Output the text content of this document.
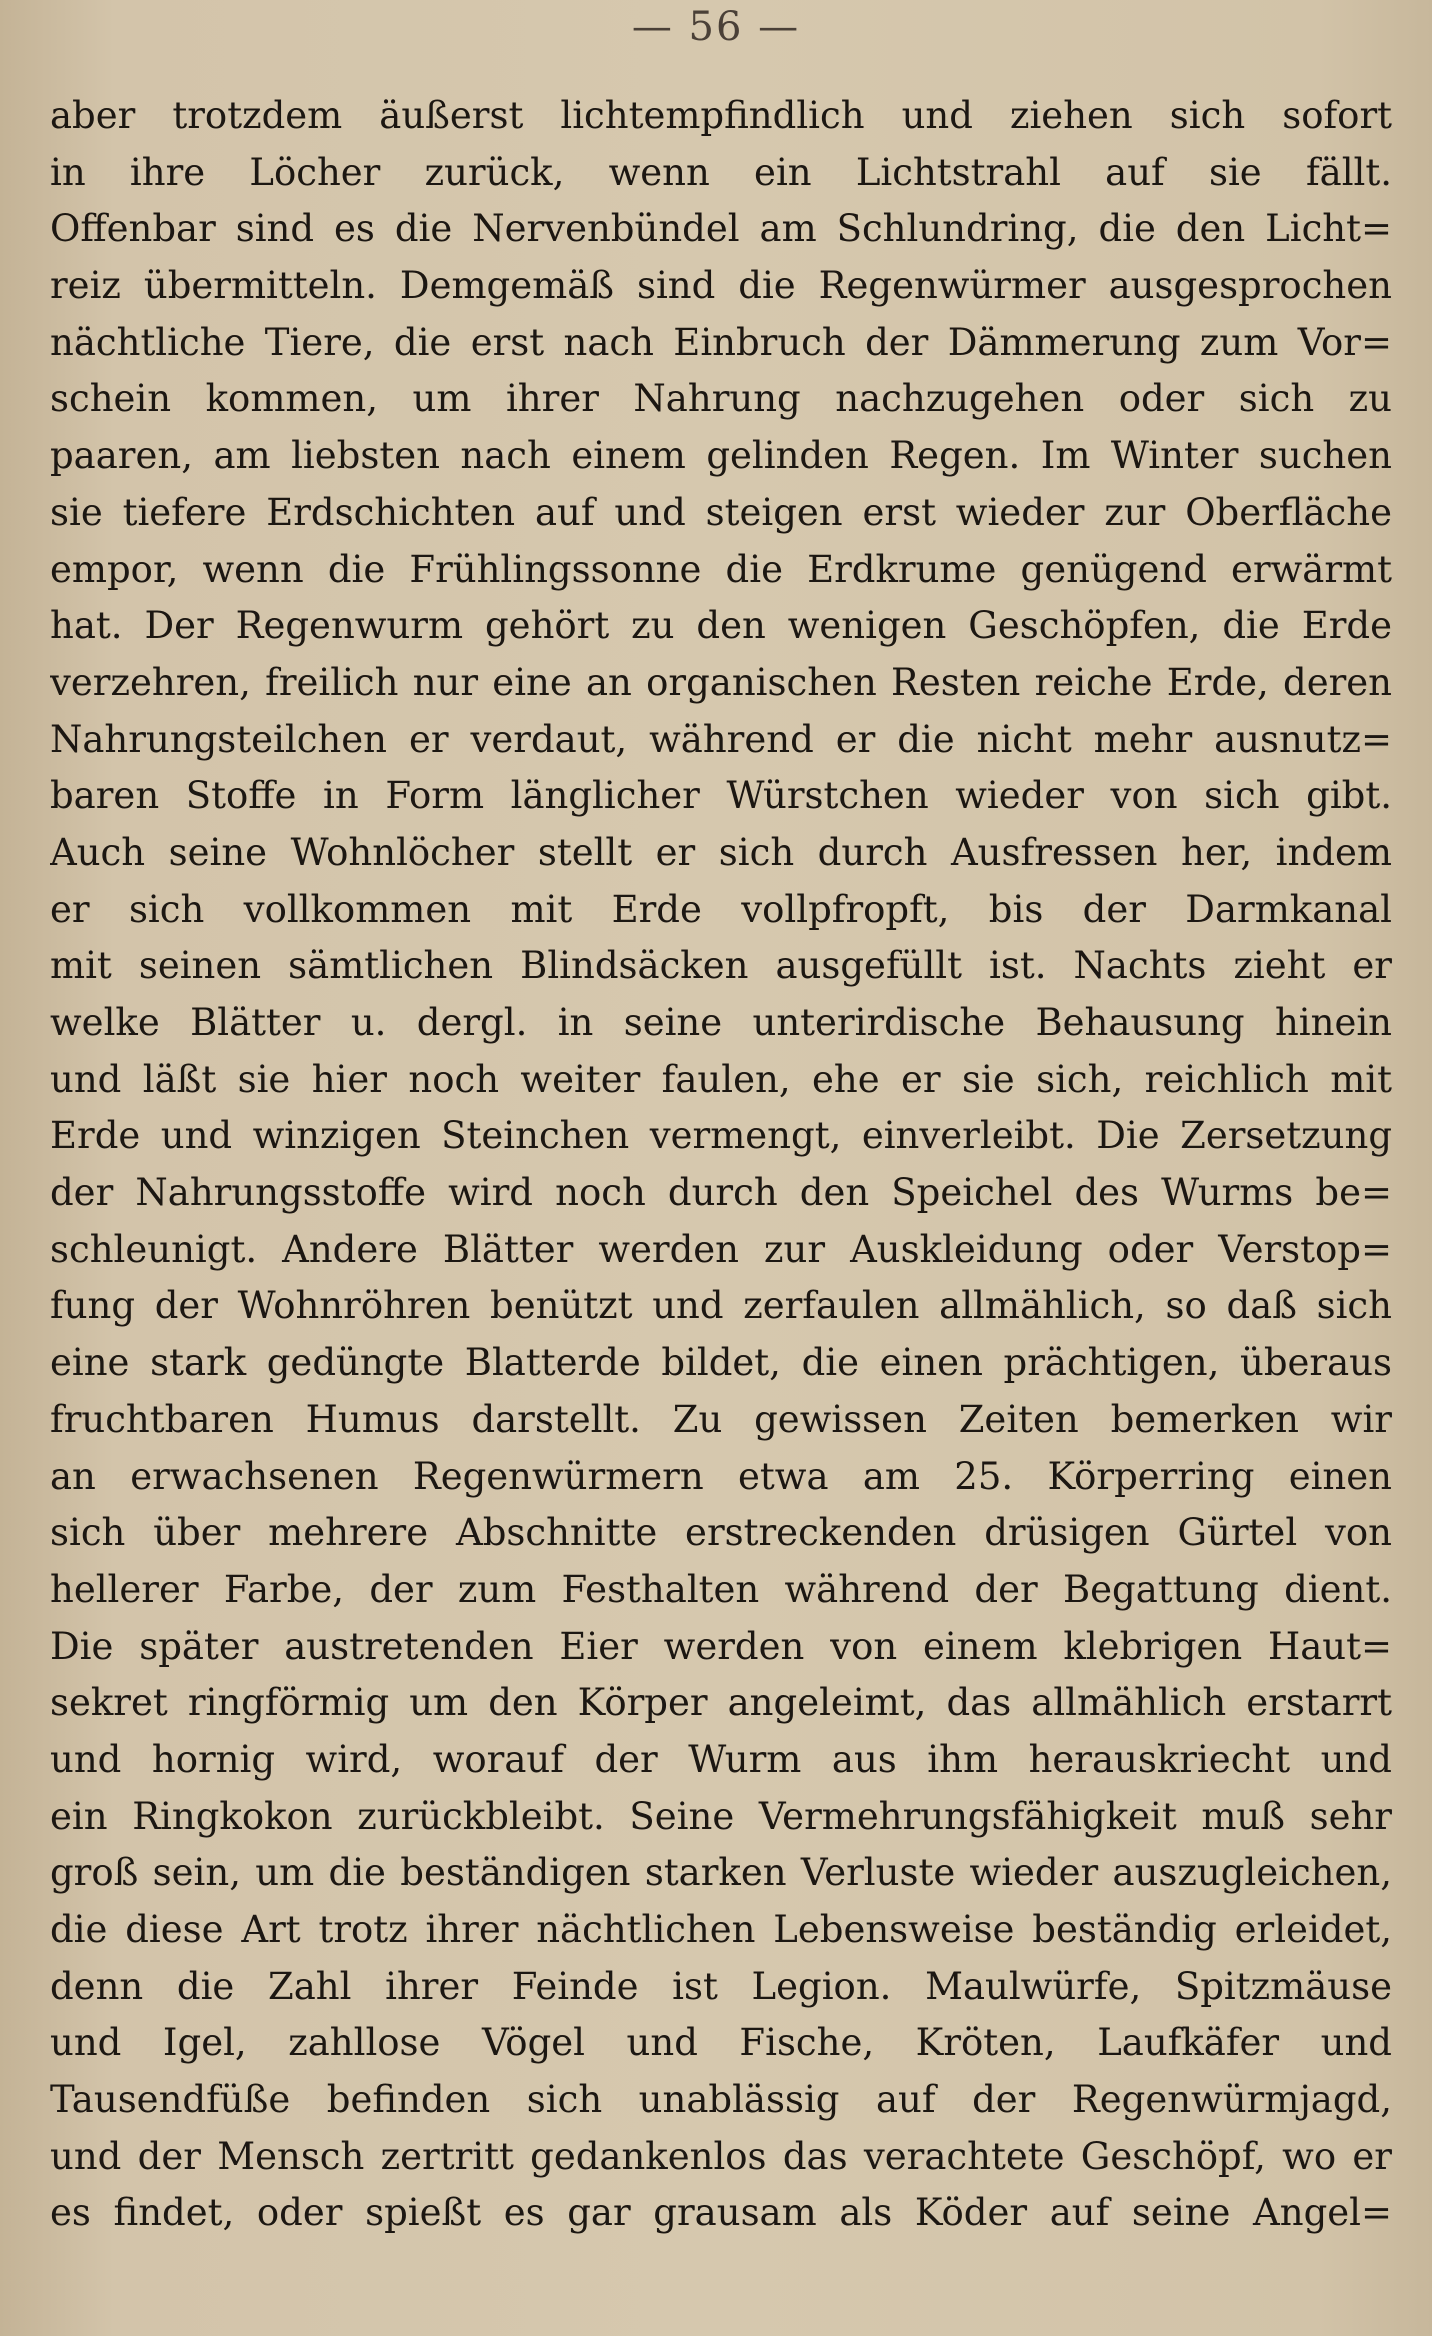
— 56 —
aber trotzdem äußerst lichtempfindlich und ziehen sich sofort
in ihre Löcher zurück, wenn ein Lichtstrahl auf sie fällt.
Offenbar sind es die Nervenbündel am Schlundring, die den Licht=
reiz übermitteln. Demgemäß sind die Regenwürmer ausgesprochen
nächtliche Tiere, die erst nach Einbruch der Dämmerung zum Vor=
schein kommen, um ihrer Nahrung nachzugehen oder sich zu
paaren, am liebsten nach einem gelinden Regen. Im Winter suchen
sie tiefere Erdschichten auf und steigen erst wieder zur Oberfläche
empor, wenn die Frühlingssonne die Erdkrume genügend erwärmt
hat. Der Regenwurm gehört zu den wenigen Geschöpfen, die Erde
verzehren, freilich nur eine an organischen Resten reiche Erde, deren
Nahrungsteilchen er verdaut, während er die nicht mehr ausnutz=
baren Stoffe in Form länglicher Würstchen wieder von sich gibt.
Auch seine Wohnlöcher stellt er sich durch Ausfressen her, indem
er sich vollkommen mit Erde vollpfropft, bis der Darmkanal
mit seinen sämtlichen Blindsäcken ausgefüllt ist. Nachts zieht er
welke Blätter u. dergl. in seine unterirdische Behausung hinein
und läßt sie hier noch weiter faulen, ehe er sie sich, reichlich mit
Erde und winzigen Steinchen vermengt, einverleibt. Die Zersetzung
der Nahrungsstoffe wird noch durch den Speichel des Wurms be=
schleunigt. Andere Blätter werden zur Auskleidung oder Verstop=
fung der Wohnröhren benützt und zerfaulen allmählich, so daß sich
eine stark gedüngte Blatterde bildet, die einen prächtigen, überaus
fruchtbaren Humus darstellt. Zu gewissen Zeiten bemerken wir
an erwachsenen Regenwürmern etwa am 25. Körperring einen
sich über mehrere Abschnitte erstreckenden drüsigen Gürtel von
hellerer Farbe, der zum Festhalten während der Begattung dient.
Die später austretenden Eier werden von einem klebrigen Haut=
sekret ringförmig um den Körper angeleimt, das allmählich erstarrt
und hornig wird, worauf der Wurm aus ihm herauskriecht und
ein Ringkokon zurückbleibt. Seine Vermehrungsfähigkeit muß sehr
groß sein, um die beständigen starken Verluste wieder auszugleichen,
die diese Art trotz ihrer nächtlichen Lebensweise beständig erleidet,
denn die Zahl ihrer Feinde ist Legion. Maulwürfe, Spitzmäuse
und Igel, zahllose Vögel und Fische, Kröten, Laufkäfer und
Tausendfüße befinden sich unablässig auf der Regenwürmjagd,
und der Mensch zertritt gedankenlos das verachtete Geschöpf, wo er
es findet, oder spießt es gar grausam als Köder auf seine Angel=
